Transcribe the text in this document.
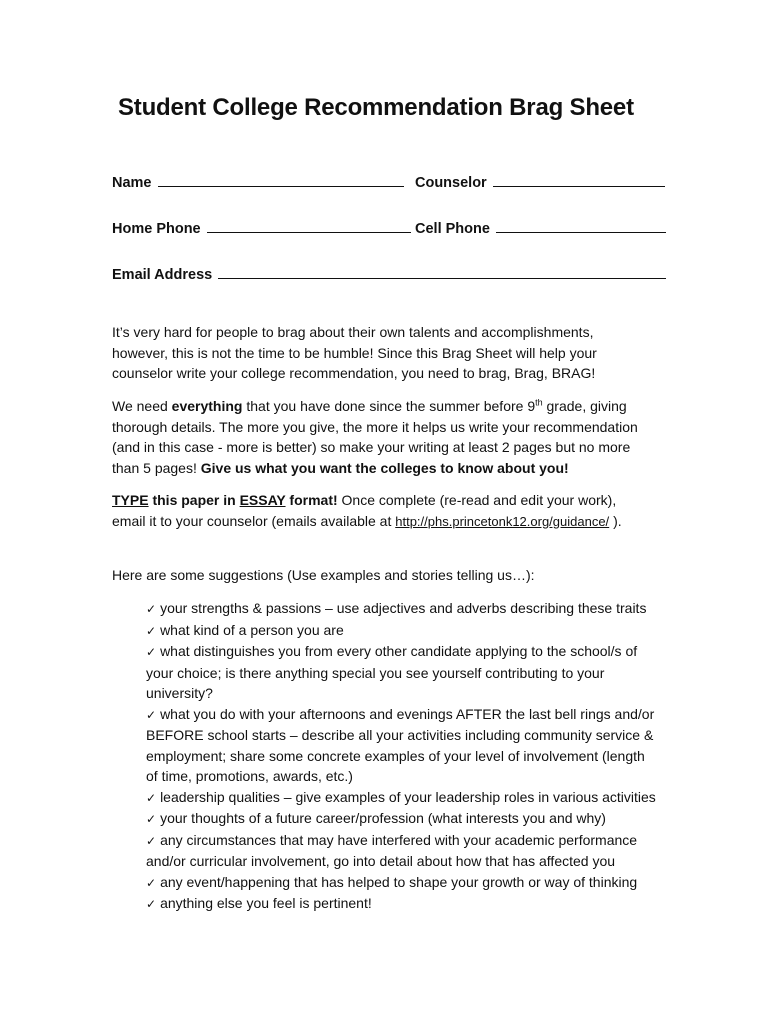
Student College Recommendation Brag Sheet
Name	Counselor
Home Phone	Cell Phone
Email Address
It’s very hard for people to brag about their own talents and accomplishments,
however, this is not the time to be humble! Since this Brag Sheet will help your
counselor write your college recommendation, you need to brag, Brag, BRAG!
We need everything that you have done since the summer before 9th grade, giving
thorough details. The more you give, the more it helps us write your recommendation
(and in this case - more is better) so make your writing at least 2 pages but no more
than 5 pages! Give us what you want the colleges to know about you!
TYPE this paper in ESSAY format! Once complete (re-read and edit your work),
email it to your counselor (emails available at http://phs.princetonk12.org/guidance/ ).
Here are some suggestions (Use examples and stories telling us…):
✓ your strengths & passions – use adjectives and adverbs describing these traits
✓ what kind of a person you are
✓ what distinguishes you from every other candidate applying to the school/s of
your choice; is there anything special you see yourself contributing to your
university?
✓ what you do with your afternoons and evenings AFTER the last bell rings and/or
BEFORE school starts – describe all your activities including community service &
employment; share some concrete examples of your level of involvement (length
of time, promotions, awards, etc.)
✓ leadership qualities – give examples of your leadership roles in various activities
✓ your thoughts of a future career/profession (what interests you and why)
✓ any circumstances that may have interfered with your academic performance
and/or curricular involvement, go into detail about how that has affected you
✓ any event/happening that has helped to shape your growth or way of thinking
✓ anything else you feel is pertinent!
